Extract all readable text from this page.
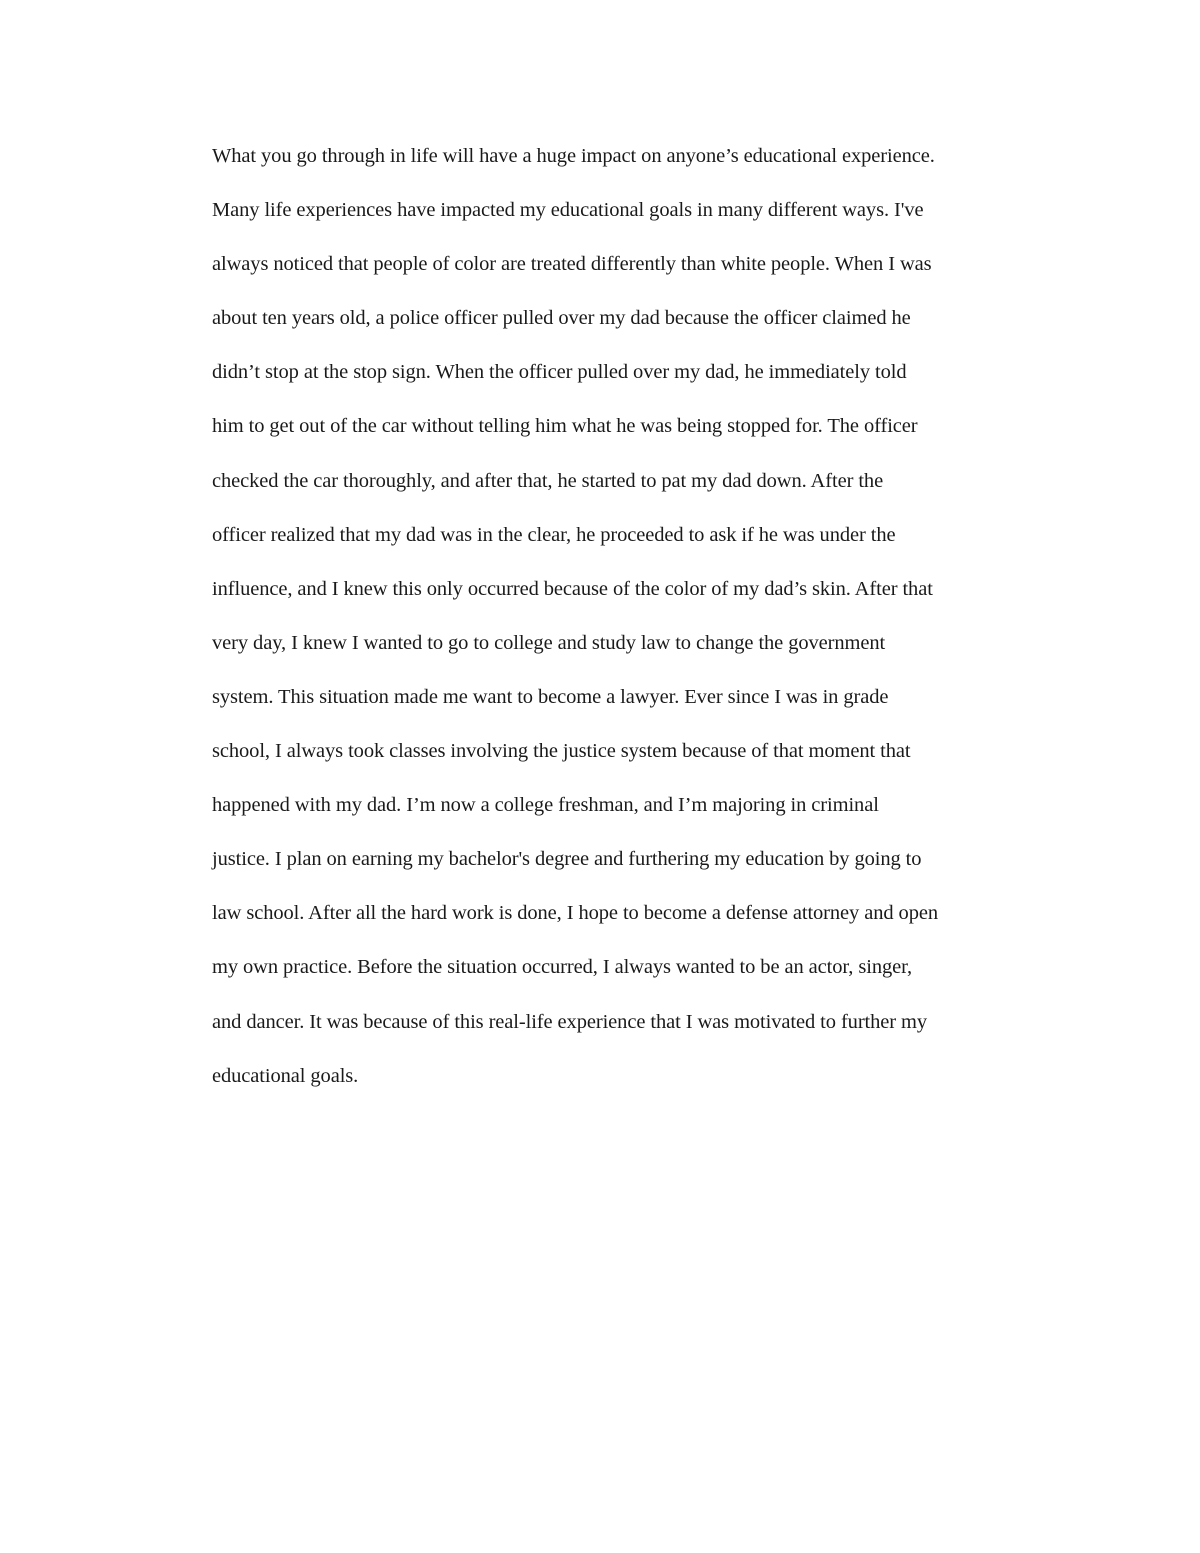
What you go through in life will have a huge impact on anyone’s educational experience.
Many life experiences have impacted my educational goals in many different ways. I've
always noticed that people of color are treated differently than white people. When I was
about ten years old, a police officer pulled over my dad because the officer claimed he
didn’t stop at the stop sign. When the officer pulled over my dad, he immediately told
him to get out of the car without telling him what he was being stopped for. The officer
checked the car thoroughly, and after that, he started to pat my dad down. After the
officer realized that my dad was in the clear, he proceeded to ask if he was under the
influence, and I knew this only occurred because of the color of my dad’s skin. After that
very day, I knew I wanted to go to college and study law to change the government
system. This situation made me want to become a lawyer. Ever since I was in grade
school, I always took classes involving the justice system because of that moment that
happened with my dad. I’m now a college freshman, and I’m majoring in criminal
justice. I plan on earning my bachelor's degree and furthering my education by going to
law school. After all the hard work is done, I hope to become a defense attorney and open
my own practice. Before the situation occurred, I always wanted to be an actor, singer,
and dancer. It was because of this real-life experience that I was motivated to further my
educational goals.
